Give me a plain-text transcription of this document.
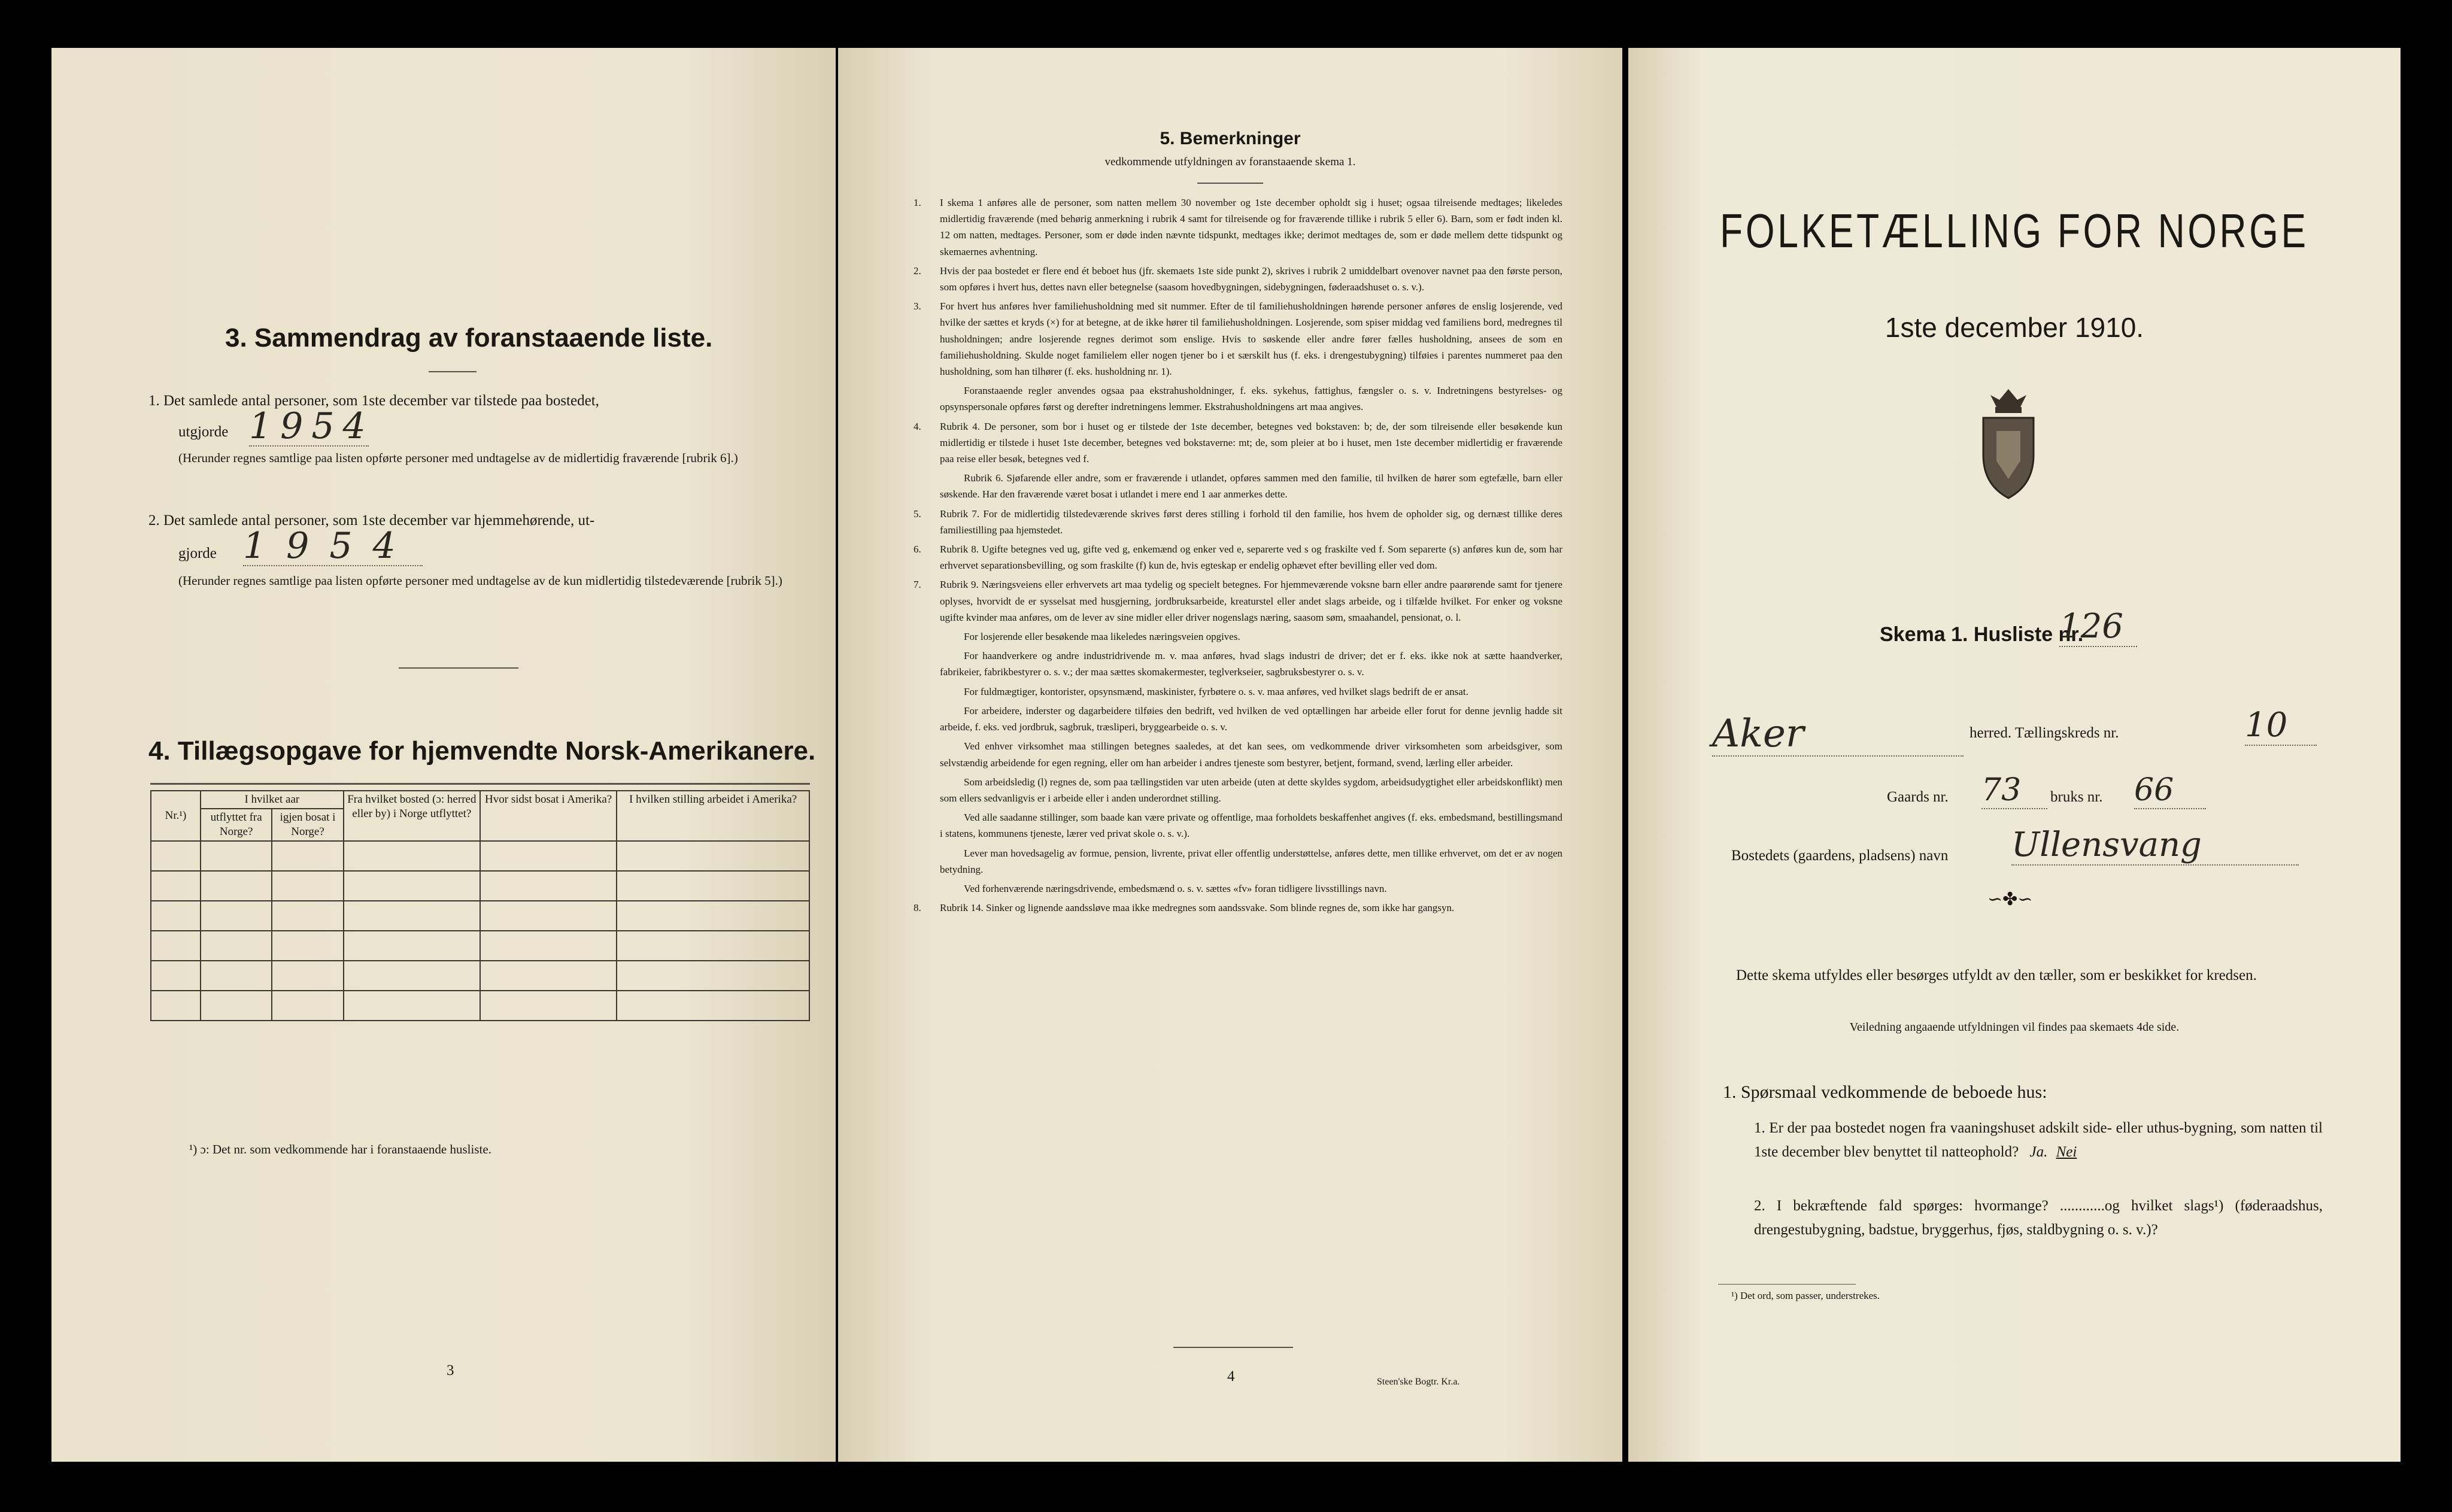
3. Sammendrag av foranstaaende liste.
1. Det samlede antal personer, som 1ste december var tilstede paa bostedet,
utgjorde 1954
(Herunder regnes samtlige paa listen opførte personer med undtagelse av de midlertidig fraværende [rubrik 6].)
2. Det samlede antal personer, som 1ste december var hjemmehørende, ut-
gjorde 1954
(Herunder regnes samtlige paa listen opførte personer med undtagelse av de kun midlertidig tilstedeværende [rubrik 5].)
4. Tillægsopgave for hjemvendte Norsk-Amerikanere.
Nr.¹)	I hvilket aar		Fra hvilket bosted (ɔ: herred eller by) i Norge utflyttet?	Hvor sidst bosat i Amerika?	I hvilken stilling arbeidet i Amerika?
	utflyttet fra Norge?	igjen bosat i Norge?			

¹) ɔ: Det nr. som vedkommende har i foranstaaende husliste.
3
5. Bemerkninger
vedkommende utfyldningen av foranstaaende skema 1.
1. I skema 1 anføres alle de personer, som natten mellem 30 november og 1ste december opholdt sig i huset; ogsaa tilreisende medtages; likeledes midlertidig fraværende (med behørig anmerkning i rubrik 4 samt for tilreisende og for fraværende tillike i rubrik 5 eller 6). Barn, som er født inden kl. 12 om natten, medtages. Personer, som er døde inden nævnte tidspunkt, medtages ikke; derimot medtages de, som er døde mellem dette tidspunkt og skemaernes avhentning.
2. Hvis der paa bostedet er flere end ét beboet hus (jfr. skemaets 1ste side punkt 2), skrives i rubrik 2 umiddelbart ovenover navnet paa den første person, som opføres i hvert hus, dettes navn eller betegnelse (saasom hovedbygningen, sidebygningen, føderaadshuset o. s. v.).
3. For hvert hus anføres hver familiehusholdning med sit nummer. Efter de til familiehusholdningen hørende personer anføres de enslig losjerende, ved hvilke der sættes et kryds (×) for at betegne, at de ikke hører til familiehusholdningen. Losjerende, som spiser middag ved familiens bord, medregnes til husholdningen; andre losjerende regnes derimot som enslige. Hvis to søskende eller andre fører fælles husholdning, ansees de som en familiehusholdning. Skulde noget familielem eller nogen tjener bo i et særskilt hus (f. eks. i drengestubygning) tilføies i parentes nummeret paa den husholdning, som han tilhører (f. eks. husholdning nr. 1).
Foranstaaende regler anvendes ogsaa paa ekstrahusholdninger, f. eks. sykehus, fattighus, fængsler o. s. v. Indretningens bestyrelses- og opsynspersonale opføres først og derefter indretningens lemmer. Ekstrahusholdningens art maa angives.
4. Rubrik 4. De personer, som bor i huset og er tilstede der 1ste december, betegnes ved bokstaven: b; de, der som tilreisende eller besøkende kun midlertidig er tilstede i huset 1ste december, betegnes ved bokstaverne: mt; de, som pleier at bo i huset, men 1ste december midlertidig er fraværende paa reise eller besøk, betegnes ved f.
Rubrik 6. Sjøfarende eller andre, som er fraværende i utlandet, opføres sammen med den familie, til hvilken de hører som egtefælle, barn eller søskende. Har den fraværende været bosat i utlandet i mere end 1 aar anmerkes dette.
5. Rubrik 7. For de midlertidig tilstedeværende skrives først deres stilling i forhold til den familie, hos hvem de opholder sig, og dernæst tillike deres familiestilling paa hjemstedet.
6. Rubrik 8. Ugifte betegnes ved ug, gifte ved g, enkemænd og enker ved e, separerte ved s og fraskilte ved f. Som separerte (s) anføres kun de, som har erhvervet separationsbevilling, og som fraskilte (f) kun de, hvis egteskap er endelig ophævet efter bevilling eller ved dom.
7. Rubrik 9. Næringsveiens eller erhvervets art maa tydelig og specielt betegnes. For hjemmeværende voksne barn eller andre paarørende samt for tjenere oplyses, hvorvidt de er sysselsat med husgjerning, jordbruksarbeide, kreaturstel eller andet slags arbeide, og i tilfælde hvilket. For enker og voksne ugifte kvinder maa anføres, om de lever av sine midler eller driver nogenslags næring, saasom søm, smaahandel, pensionat, o. l.
For losjerende eller besøkende maa likeledes næringsveien opgives.
For haandverkere og andre industridrivende m. v. maa anføres, hvad slags industri de driver; det er f. eks. ikke nok at sætte haandverker, fabrikeier, fabrikbestyrer o. s. v.; der maa sættes skomakermester, teglverkseier, sagbruksbestyrer o. s. v.
For fuldmægtiger, kontorister, opsynsmænd, maskinister, fyrbøtere o. s. v. maa anføres, ved hvilket slags bedrift de er ansat.
For arbeidere, inderster og dagarbeidere tilføies den bedrift, ved hvilken de ved optællingen har arbeide eller forut for denne jevnlig hadde sit arbeide, f. eks. ved jordbruk, sagbruk, træsliperi, bryggearbeide o. s. v.
Ved enhver virksomhet maa stillingen betegnes saaledes, at det kan sees, om vedkommende driver virksomheten som arbeidsgiver, som selvstændig arbeidende for egen regning, eller om han arbeider i andres tjeneste som bestyrer, betjent, formand, svend, lærling eller arbeider.
Som arbeidsledig (l) regnes de, som paa tællingstiden var uten arbeide (uten at dette skyldes sygdom, arbeidsudygtighet eller arbeidskonflikt) men som ellers sedvanligvis er i arbeide eller i anden underordnet stilling.
Ved alle saadanne stillinger, som baade kan være private og offentlige, maa forholdets beskaffenhet angives (f. eks. embedsmand, bestillingsmand i statens, kommunens tjeneste, lærer ved privat skole o. s. v.).
Lever man hovedsagelig av formue, pension, livrente, privat eller offentlig understøttelse, anføres dette, men tillike erhvervet, om det er av nogen betydning.
Ved forhenværende næringsdrivende, embedsmænd o. s. v. sættes «fv» foran tidligere livsstillings navn.
8. Rubrik 14. Sinker og lignende aandssløve maa ikke medregnes som aandssvake. Som blinde regnes de, som ikke har gangsyn.
4	Steen'ske Bogtr. Kr.a.
FOLKETÆLLING FOR NORGE
1ste december 1910.
Skema 1. Husliste nr.
126
Aker	herred. Tællingskreds nr.	10
Gaards nr. 73	bruks nr. 66
Bostedets (gaardens, pladsens) navn Ullensvang
∽✤∽
Dette skema utfyldes eller besørges utfyldt av den tæller, som er beskikket for kredsen.
Veiledning angaaende utfyldningen vil findes paa skemaets 4de side.
1. Spørsmaal vedkommende de beboede hus:
1. Er der paa bostedet nogen fra vaaningshuset adskilt side- eller uthus-bygning, som natten til 1ste december blev benyttet til natteophold? Ja. Nei
2. I bekræftende fald spørges: hvormange? ............og hvilket slags¹) (føderaadshus, drengestubygning, badstue, bryggerhus, fjøs, staldbygning o. s. v.)?
¹) Det ord, som passer, understrekes.
